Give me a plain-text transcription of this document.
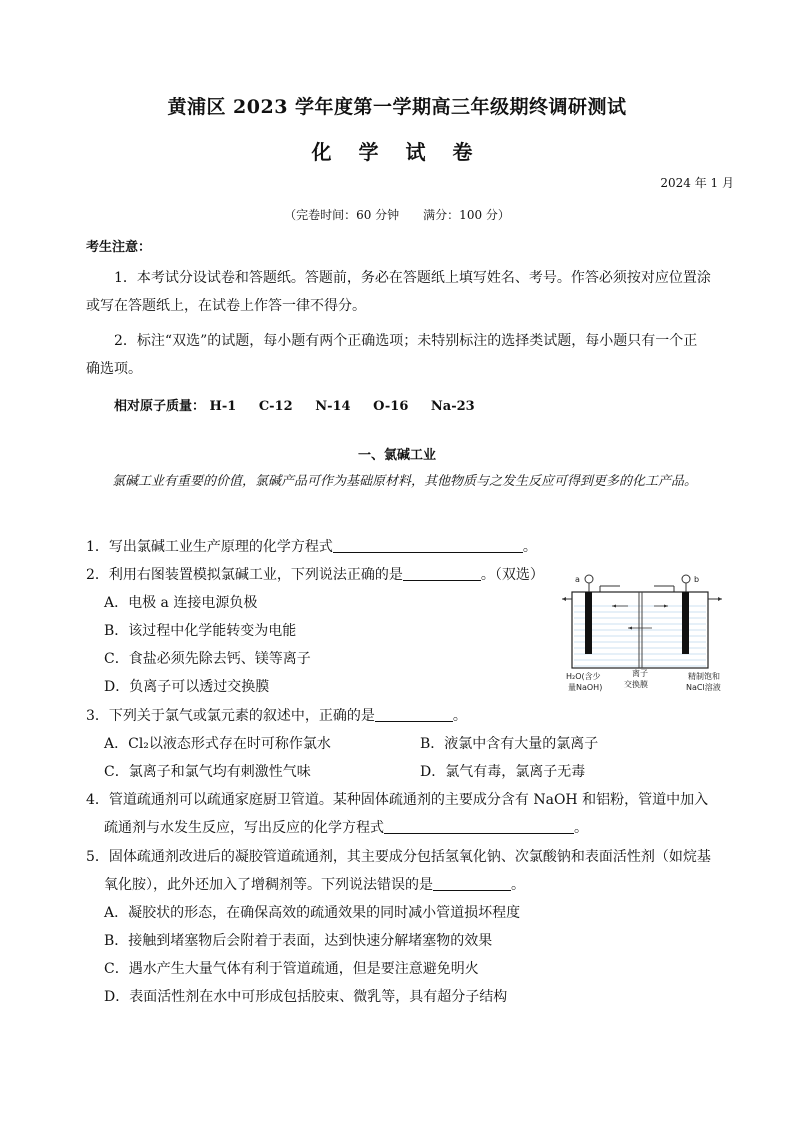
黄浦区 2023 学年度第一学期高三年级期终调研测试
化 学 试 卷
2024 年 1 月
（完卷时间：60 分钟　　满分：100 分）
考生注意：
1．本考试分设试卷和答题纸。答题前，务必在答题纸上填写姓名、考号。作答必须按对应位置涂或写在答题纸上，在试卷上作答一律不得分。
2．标注“双选”的试题，每小题有两个正确选项；未特别标注的选择类试题，每小题只有一个正确选项。
相对原子质量： H-1 C-12 N-14 O-16 Na-23
一、氯碱工业
氯碱工业有重要的价值，氯碱产品可作为基础原材料，其他物质与之发生反应可得到更多的化工产品。
1．写出氯碱工业生产原理的化学方程式	。
2．利用右图装置模拟氯碱工业，下列说法正确的是	。（双选）
A．电极 a 连接电源负极
B．该过程中化学能转变为电能
C．食盐必须先除去钙、镁等离子
D．负离子可以透过交换膜
a	b
H₂O(含少
量NaOH)
离子
交换膜
精制饱和
NaCl溶液
3．下列关于氯气或氯元素的叙述中，正确的是	。
A．Cl₂以液态形式存在时可称作氯水	B．液氯中含有大量的氯离子
C．氯离子和氯气均有刺激性气味	D．氯气有毒，氯离子无毒
4．管道疏通剂可以疏通家庭厨卫管道。某种固体疏通剂的主要成分含有 NaOH 和铝粉，管道中加入疏通剂与水发生反应，写出反应的化学方程式	。
5．固体疏通剂改进后的凝胶管道疏通剂，其主要成分包括氢氧化钠、次氯酸钠和表面活性剂（如烷基氧化胺），此外还加入了增稠剂等。下列说法错误的是	。
A．凝胶状的形态，在确保高效的疏通效果的同时减小管道损坏程度
B．接触到堵塞物后会附着于表面，达到快速分解堵塞物的效果
C．遇水产生大量气体有利于管道疏通，但是要注意避免明火
D．表面活性剂在水中可形成包括胶束、微乳等，具有超分子结构
